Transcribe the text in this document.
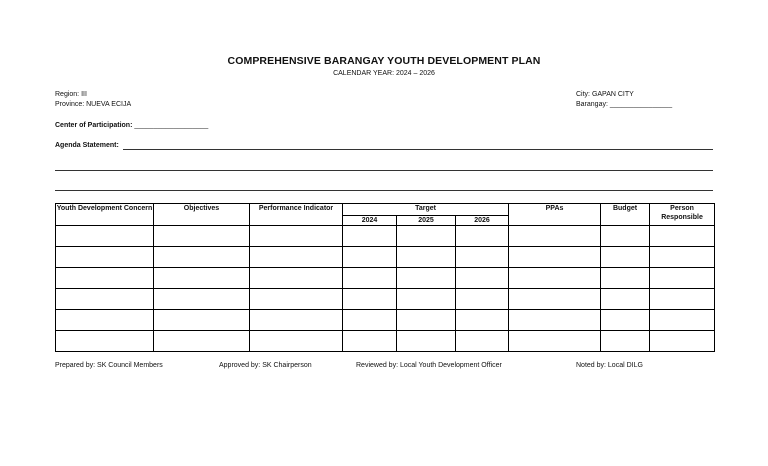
COMPREHENSIVE BARANGAY YOUTH DEVELOPMENT PLAN
CALENDAR YEAR: 2024 – 2026
Region: III
Province: NUEVA ECIJA
City: GAPAN CITY
Barangay: ________________
Center of Participation: ___________________
Agenda Statement:
Youth Development Concern	Objectives	Performance Indicator	Target			PPAs	Budget	Person Responsible
			2024	2025	2026			

Prepared by: SK Council Members	Approved by: SK Chairperson	Reviewed by: Local Youth Development Officer	Noted by: Local DILG
